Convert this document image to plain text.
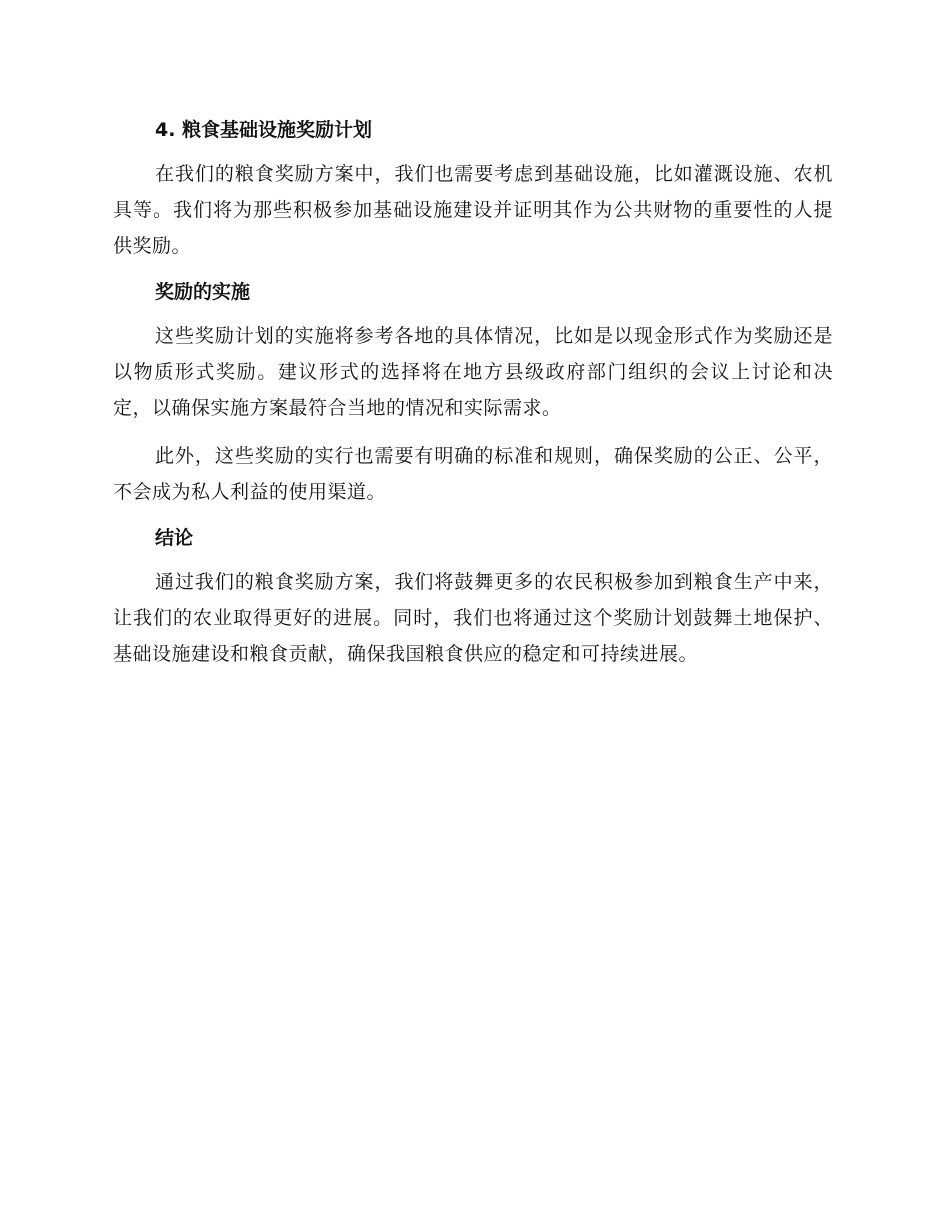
4. 粮食基础设施奖励计划

在我们的粮食奖励方案中，我们也需要考虑到基础设施，比如灌溉设施、农机具等。我们将为那些积极参加基础设施建设并证明其作为公共财物的重要性的人提供奖励。

奖励的实施

这些奖励计划的实施将参考各地的具体情况，比如是以现金形式作为奖励还是以物质形式奖励。建议形式的选择将在地方县级政府部门组织的会议上讨论和决定，以确保实施方案最符合当地的情况和实际需求。

此外，这些奖励的实行也需要有明确的标准和规则，确保奖励的公正、公平，不会成为私人利益的使用渠道。

结论

通过我们的粮食奖励方案，我们将鼓舞更多的农民积极参加到粮食生产中来，让我们的农业取得更好的进展。同时，我们也将通过这个奖励计划鼓舞土地保护、基础设施建设和粮食贡献，确保我国粮食供应的稳定和可持续进展。
